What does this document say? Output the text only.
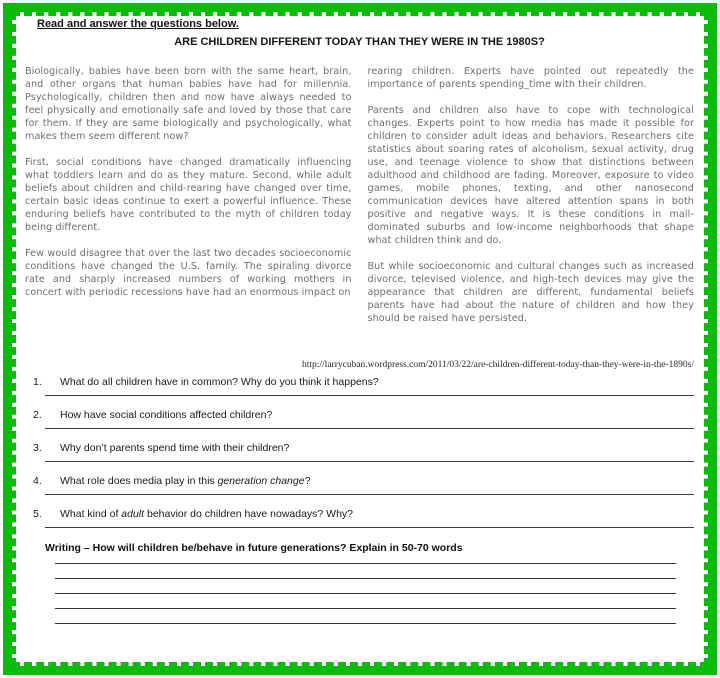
Read and answer the questions below.
ARE CHILDREN DIFFERENT TODAY THAN THEY WERE IN THE 1980S?

Biologically, babies have been born with the same heart, brain, and other organs that human babies have had for millennia. Psychologically, children then and now have always needed to feel physically and emotionally safe and loved by those that care for them. If they are same biologically and psychologically, what makes them seem different now?

First, social conditions have changed dramatically influencing what toddlers learn and do as they mature. Second, while adult beliefs about children and child-rearing have changed over time, certain basic ideas continue to exert a powerful influence. These enduring beliefs have contributed to the myth of children today being different.

Few would disagree that over the last two decades socioeconomic conditions have changed the U.S. family. The spiraling divorce rate and sharply increased numbers of working mothers in concert with periodic recessions have had an enormous impact on

rearing children. Experts have pointed out repeatedly the importance of parents spending_time with their children.

Parents and children also have to cope with technological changes. Experts point to how media has made it possible for children to consider adult ideas and behaviors. Researchers cite statistics about soaring rates of alcoholism, sexual activity, drug use, and teenage violence to show that distinctions between adulthood and childhood are fading. Moreover, exposure to video games, mobile phones, texting, and other nanosecond communication devices have altered attention spans in both positive and negative ways. It is these conditions in mall-dominated suburbs and low-income neighborhoods that shape what children think and do.

But while socioeconomic and cultural changes such as increased divorce, televised violence, and high-tech devices may give the appearance that children are different, fundamental beliefs parents have had about the nature of children and how they should be raised have persisted.

http://larrycuban.wordpress.com/2011/03/22/are-children-different-today-than-they-were-in-the-1890s/
1.	What do all children have in common? Why do you think it happens?
2.	How have social conditions affected children?
3.	Why don’t parents spend time with their children?
4.	What role does media play in this generation change?
5.	What kind of adult behavior do children have nowadays? Why?
Writing – How will children be/behave in future generations? Explain in 50-70 words
